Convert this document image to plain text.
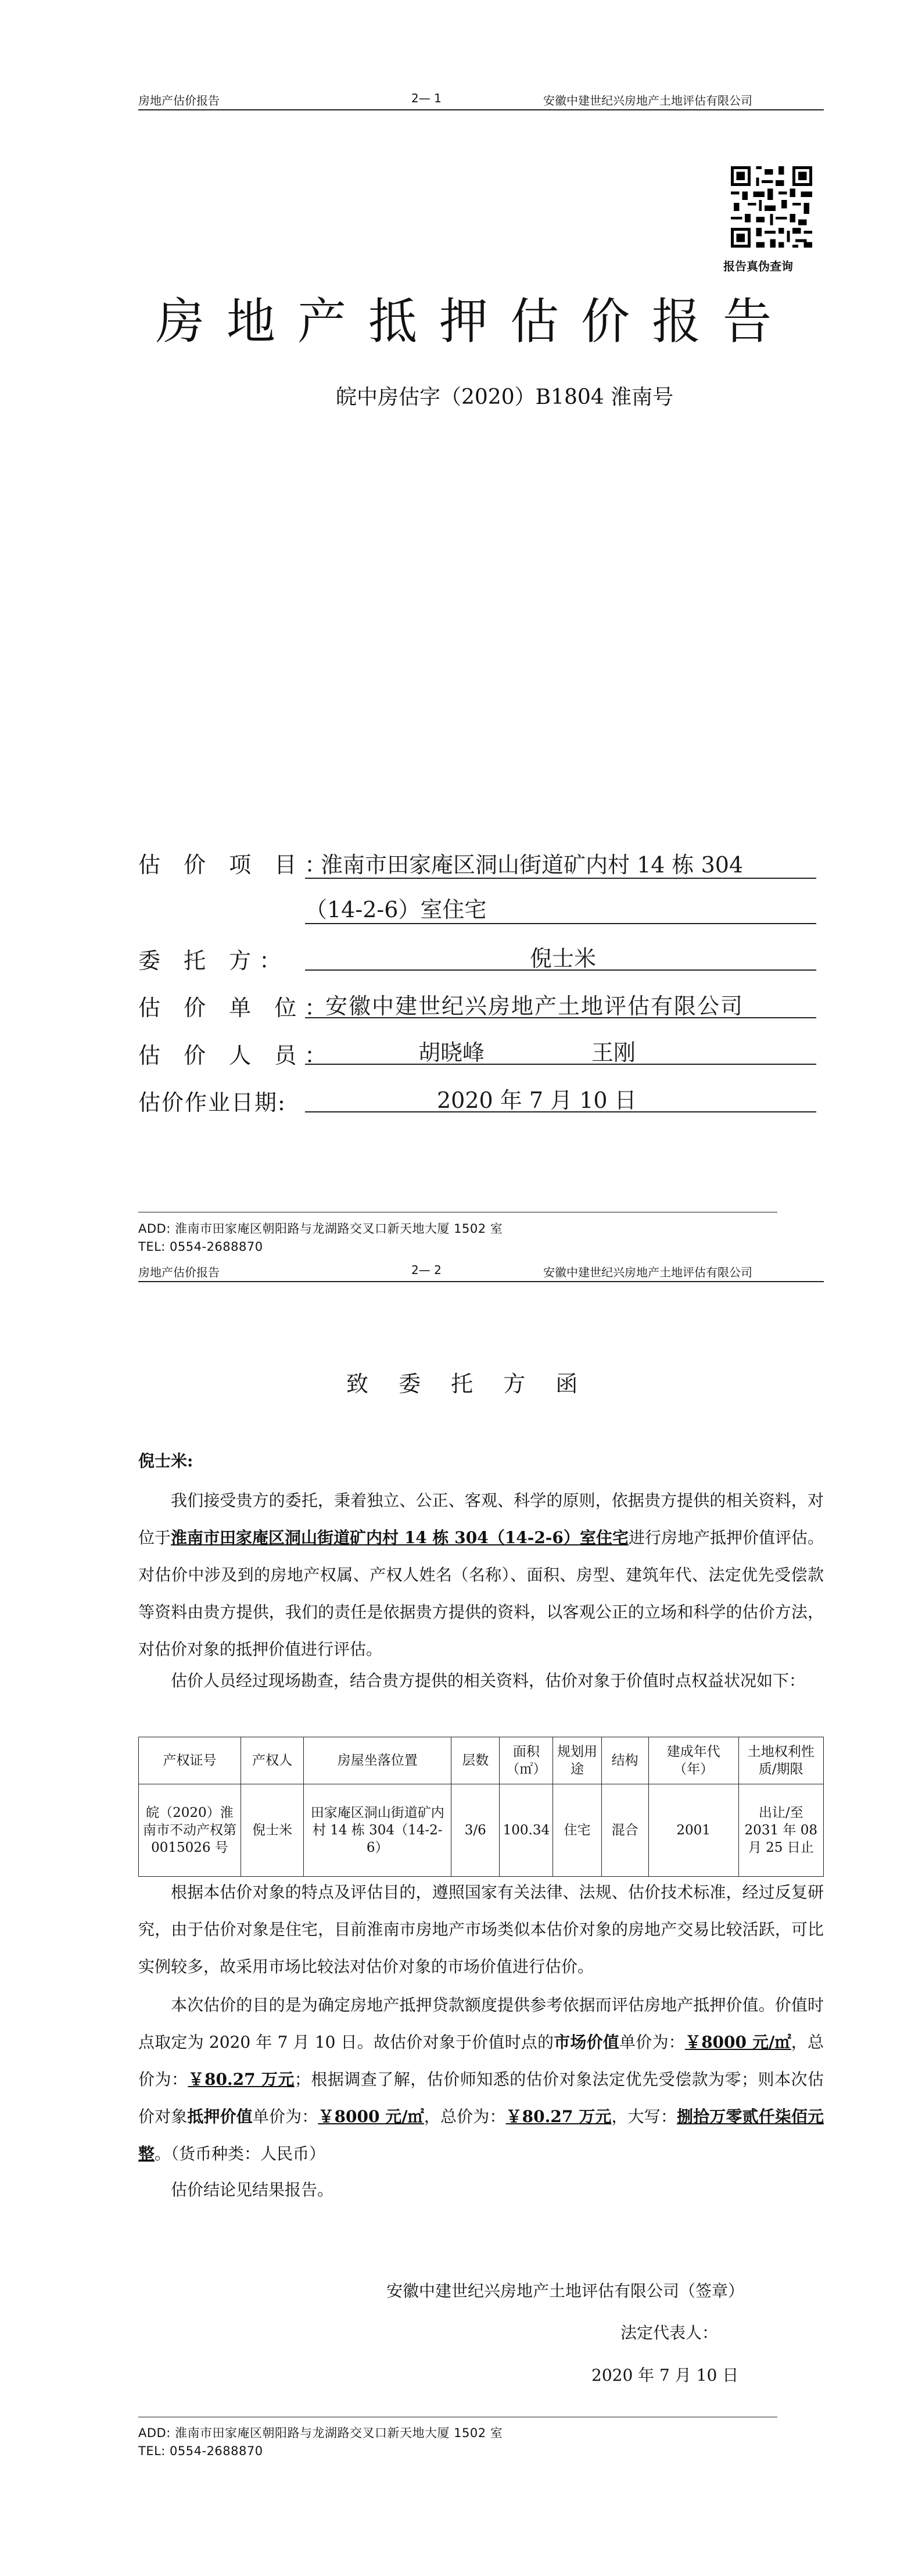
房地产估价报告	2— 1	安徽中建世纪兴房地产土地评估有限公司
报告真伪查询
房地产抵押估价报告
皖中房估字（2020）B1804 淮南号
估 价 项 目：
淮南市田家庵区洞山街道矿内村 14 栋 304
（14-2-6）室住宅
委 托 方：	倪士米
估 价 单 位：
安徽中建世纪兴房地产土地评估有限公司
估 价 人 员：	胡晓峰	王刚
估价作业日期:	2020 年 7 月 10 日
ADD: 淮南市田家庵区朝阳路与龙湖路交叉口新天地大厦 1502 室
TEL: 0554-2688870
房地产估价报告	2— 2	安徽中建世纪兴房地产土地评估有限公司
致 委 托 方 函
倪士米:
我们接受贵方的委托，秉着独立、公正、客观、科学的原则，依据贵方提供的相关资料，对位于淮南市田家庵区洞山街道矿内村 14 栋 304（14-2-6）室住宅进行房地产抵押价值评估。对估价中涉及到的房地产权属、产权人姓名（名称）、面积、房型、建筑年代、法定优先受偿款等资料由贵方提供，我们的责任是依据贵方提供的资料，以客观公正的立场和科学的估价方法，对估价对象的抵押价值进行评估。
估价人员经过现场勘查，结合贵方提供的相关资料，估价对象于价值时点权益状况如下：
产权证号	产权人	房屋坐落位置	层数	面积（㎡）	规划用途	结构	建成年代（年）	土地权利性质/期限
皖（2020）淮南市不动产权第0015026 号	倪士米	田家庵区洞山街道矿内村 14 栋 304（14-2-6）	3/6	100.34	住宅	混合	2001	出让/至 2031 年 08 月 25 日止
根据本估价对象的特点及评估目的，遵照国家有关法律、法规、估价技术标准，经过反复研究，由于估价对象是住宅，目前淮南市房地产市场类似本估价对象的房地产交易比较活跃，可比实例较多，故采用市场比较法对估价对象的市场价值进行估价。
本次估价的目的是为确定房地产抵押贷款额度提供参考依据而评估房地产抵押价值。价值时点取定为 2020 年 7 月 10 日。故估价对象于价值时点的市场价值单价为：￥8000 元/㎡，总价为：￥80.27 万元；根据调查了解，估价师知悉的估价对象法定优先受偿款为零；则本次估价对象抵押价值单价为：￥8000 元/㎡，总价为：￥80.27 万元，大写：捌拾万零贰仟柒佰元整。（货币种类：人民币）
估价结论见结果报告。
安徽中建世纪兴房地产土地评估有限公司（签章）
法定代表人：
2020 年 7 月 10 日
ADD: 淮南市田家庵区朝阳路与龙湖路交叉口新天地大厦 1502 室
TEL: 0554-2688870
